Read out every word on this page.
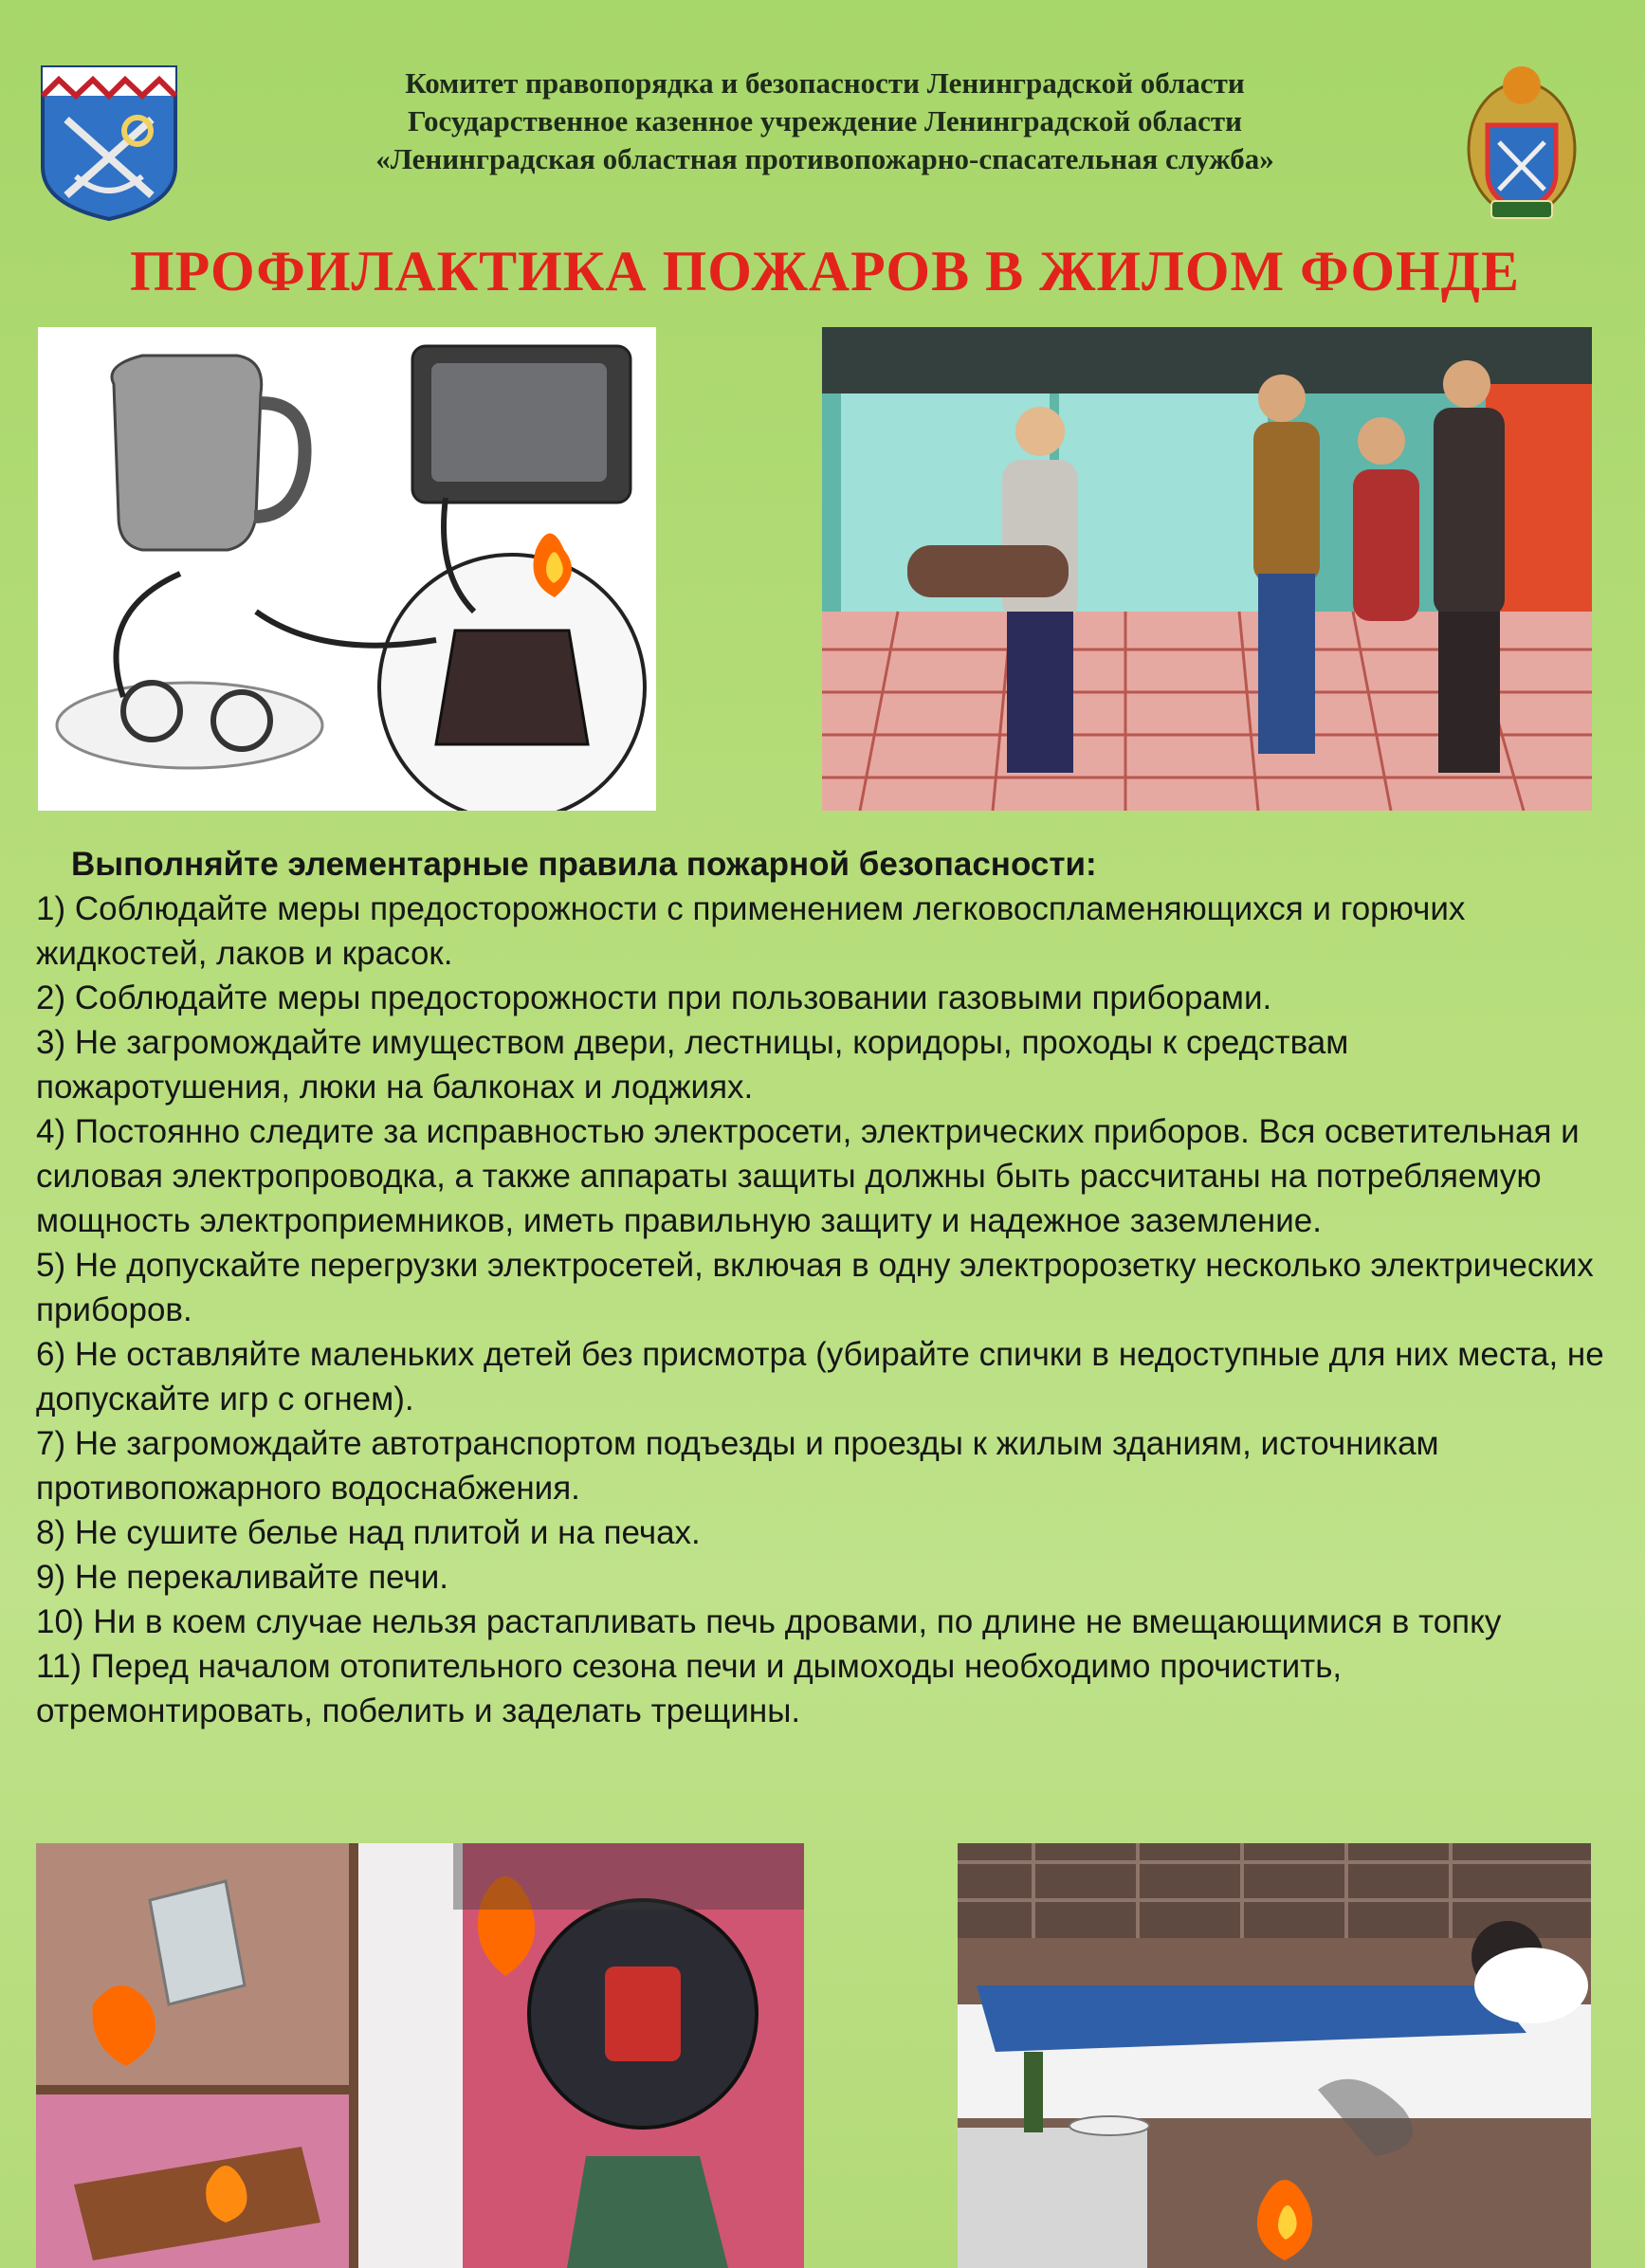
Комитет правопорядка и безопасности Ленинградской области
Государственное казенное учреждение Ленинградской области
«Ленинградская областная противопожарно-спасательная служба»
ПРОФИЛАКТИКА ПОЖАРОВ В ЖИЛОМ ФОНДЕ
Выполняйте элементарные правила пожарной безопасности:

1) Соблюдайте меры предосторожности с применением легковоспламеняющихся и горючих жидкостей, лаков и красок.

2) Соблюдайте меры предосторожности при пользовании газовыми приборами.

3) Не загромождайте имуществом двери, лестницы, коридоры, проходы к средствам пожаротушения, люки на балконах и лоджиях.

4) Постоянно следите за исправностью электросети, электрических приборов. Вся осветительная и силовая электропроводка, а также аппараты защиты должны быть рассчитаны на потребляемую мощность электроприемников, иметь правильную защиту и надежное заземление.

5) Не допускайте перегрузки электросетей, включая в одну электророзетку несколько электрических приборов.

6) Не оставляйте маленьких детей без присмотра (убирайте спички в недоступные для них места, не допускайте игр с огнем).

7) Не загромождайте автотранспортом подъезды и проезды к жилым зданиям, источникам противопожарного водоснабжения.

8) Не сушите белье над плитой и на печах.

9) Не перекаливайте печи.

10) Ни в коем случае нельзя растапливать печь дровами, по длине не вмещающимися в топку

11) Перед началом отопительного сезона печи и дымоходы необходимо прочистить, отремонтировать, побелить и заделать трещины.
